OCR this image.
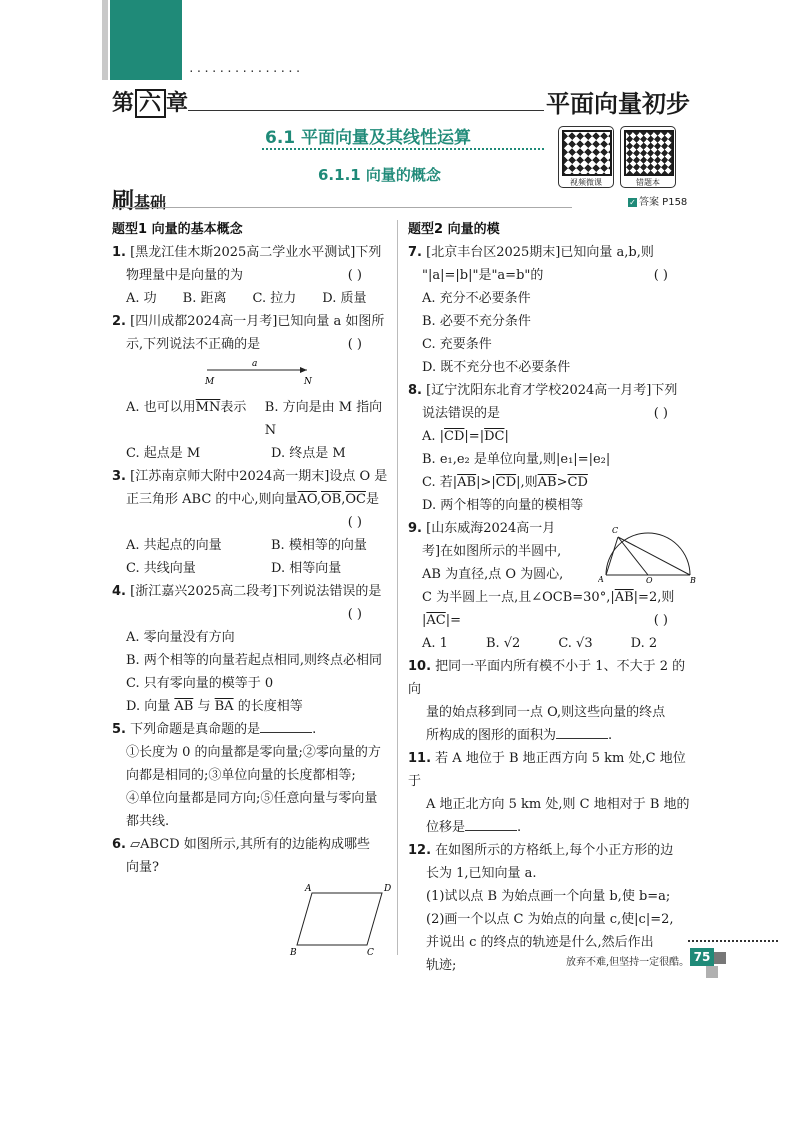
...............
第 六 章	平面向量初步
6.1 平面向量及其线性运算
6.1.1 向量的概念	视频微课	错题本
✓ 答案 P158
刷基础
题型1 向量的基本概念
1. [黑龙江佳木斯2025高二学业水平测试]下列
物理量中是向量的为	( )
A. 功 B. 距离 C. 拉力 D. 质量
2. [四川成都2024高一月考]已知向量 a 如图所
示,下列说法不正确的是	( )
a
M	N
A. 也可以用$\overline{MN}$表示	B. 方向是由 M 指向 N
C. 起点是 M	D. 终点是 M
3. [江苏南京师大附中2024高一期末]设点 O 是
正三角形 ABC 的中心,则向量$\overline{AO},\overline{OB},\overline{OC}$是
( )

A. 共起点的向量	B. 模相等的向量
C. 共线向量	D. 相等向量
4. [浙江嘉兴2025高二段考]下列说法错误的是
( )

A. 零向量没有方向
B. 两个相等的向量若起点相同,则终点必相同
C. 只有零向量的模等于 0
D. 向量 $\overline{AB}$ 与 $\overline{BA}$ 的长度相等
5. 下列命题是真命题的是	.
①长度为 0 的向量都是零向量;②零向量的方
向都是相同的;③单位向量的长度都相等;
④单位向量都是同方向;⑤任意向量与零向量
都共线.
6. ▱ABCD 如图所示,其所有的边能构成哪些
向量?
A	D
B	C
题型2 向量的模
7. [北京丰台区2025期末]已知向量 a,b,则
"|a|=|b|"是"a=b"的	( )
A. 充分不必要条件
B. 必要不充分条件
C. 充要条件
D. 既不充分也不必要条件
8. [辽宁沈阳东北育才学校2024高一月考]下列
说法错误的是	( )
A. $|\overline{CD}|=|\overline{DC}|$
B. e₁,e₂ 是单位向量,则|e₁|=|e₂|
C. 若$|\overline{AB}|>|\overline{CD}|$,则$\overline{AB}>\overline{CD}$
D. 两个相等的向量的模相等
C
A	O	B
9. [山东威海2024高一月
考]在如图所示的半圆中,
AB 为直径,点 O 为圆心,
C 为半圆上一点,且$\angle OCB=30^\circ,|\overline{AB}|=2$,则
$|\overline{AC}|=$	( )
A. 1	B. √2	C. √3	D. 2
10. 把同一平面内所有模不小于 1、不大于 2 的向
量的始点移到同一点 O,则这些向量的终点
所构成的图形的面积为	.
11. 若 A 地位于 B 地正西方向 5 km 处,C 地位于
A 地正北方向 5 km 处,则 C 地相对于 B 地的
位移是	.
12. 在如图所示的方格纸上,每个小正方形的边
长为 1,已知向量 a.
(1)试以点 B 为始点画一个向量 b,使 b=a;
(2)画一个以点 C 为始点的向量 c,使|c|=2,
并说出 c 的终点的轨迹是什么,然后作出
轨迹;	放弃不难,但坚持一定很酷。 75
